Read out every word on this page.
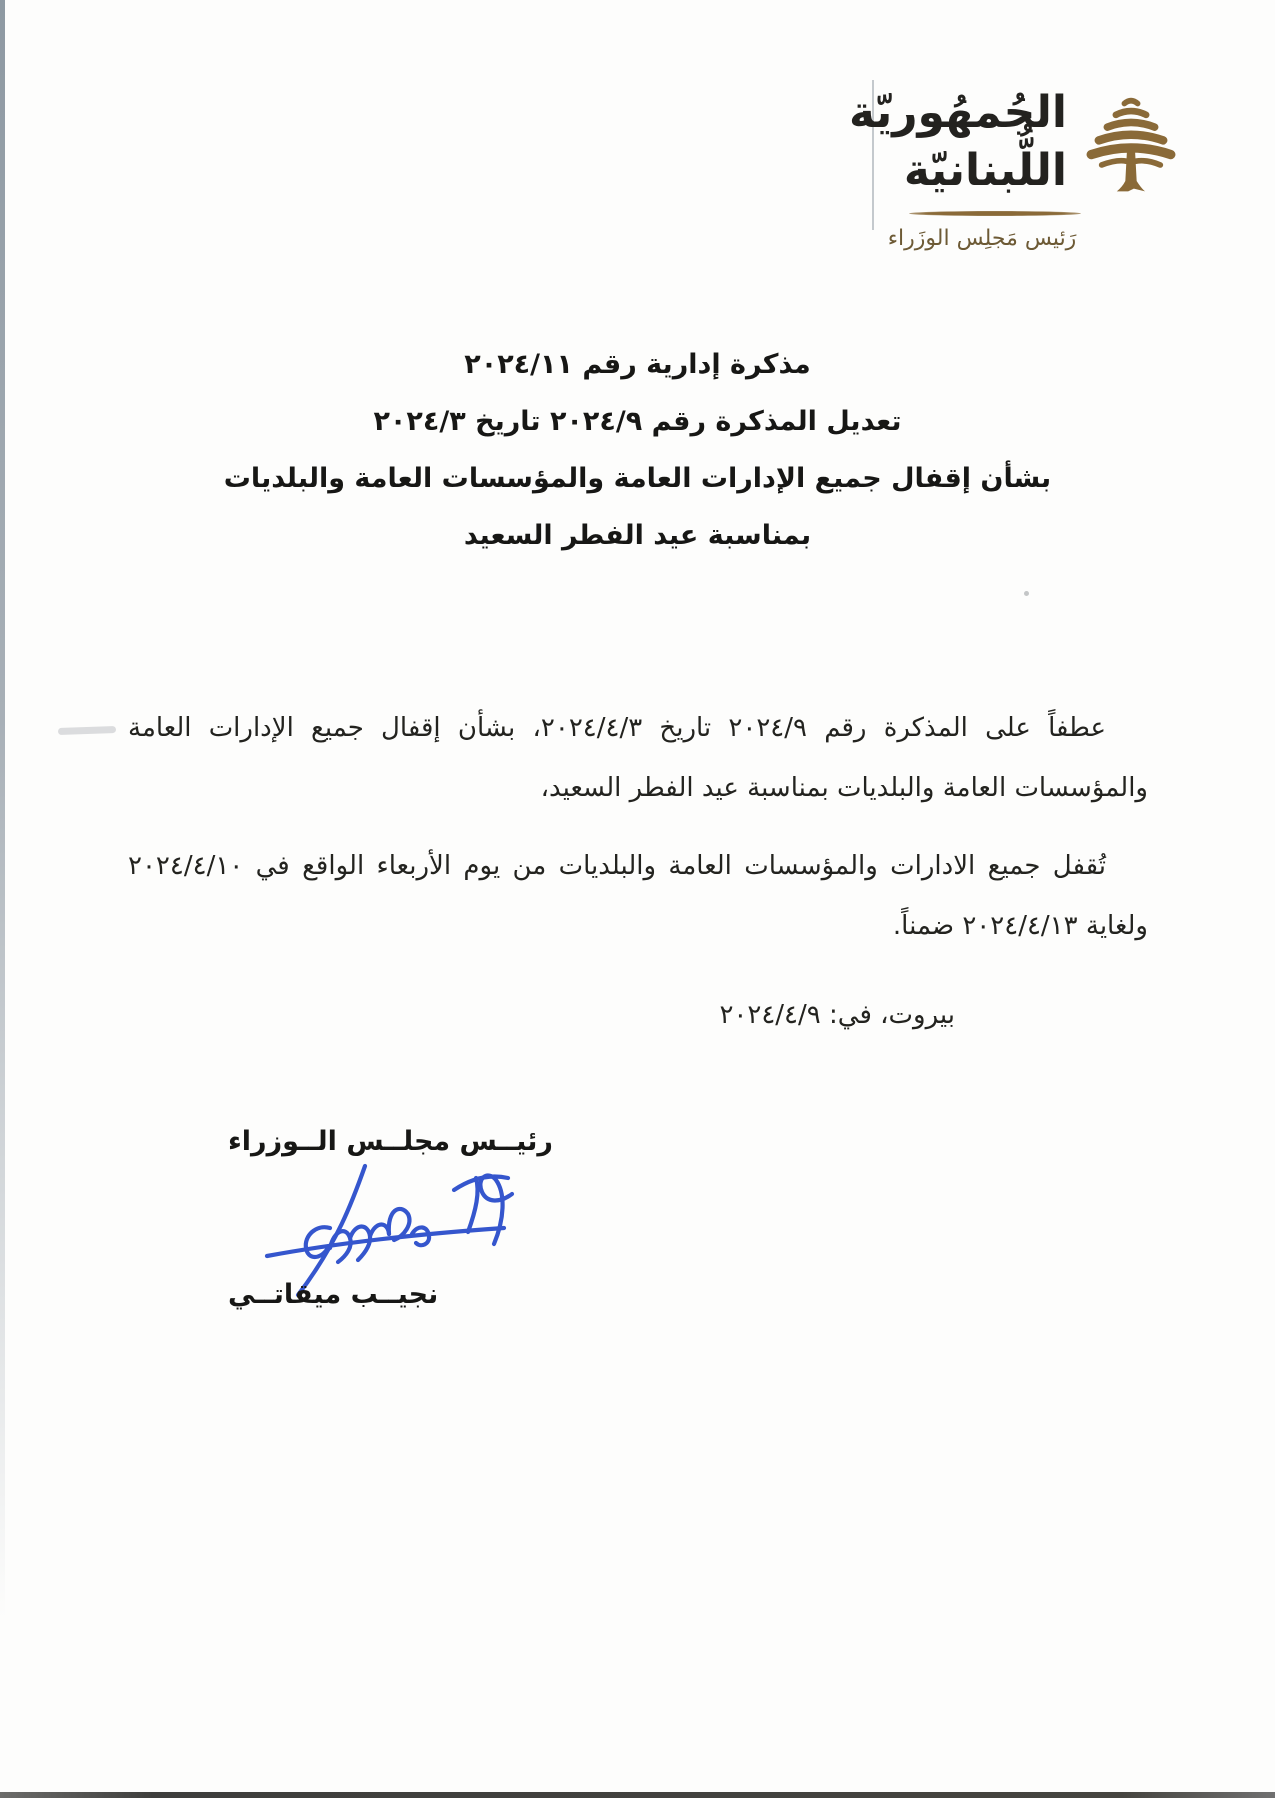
الجُمهُوريّة
اللُّبنانيّة
رَئيس مَجلِس الوزَراء
مذكرة إدارية رقم ٢٠٢٤/١١
تعديل المذكرة رقم ٢٠٢٤/٩ تاريخ ٢٠٢٤/٣
بشأن إقفال جميع الإدارات العامة والمؤسسات العامة والبلديات
بمناسبة عيد الفطر السعيد

عطفاً على المذكرة رقم ٢٠٢٤/٩ تاريخ ٢٠٢٤/٤/٣، بشأن إقفال جميع الإدارات العامة والمؤسسات العامة والبلديات بمناسبة عيد الفطر السعيد،

تُقفل جميع الادارات والمؤسسات العامة والبلديات من يوم الأربعاء الواقع في ٢٠٢٤/٤/١٠ ولغاية ٢٠٢٤/٤/١٣ ضمناً.

بيروت، في: ٢٠٢٤/٤/٩
رئيــس مجلــس الــوزراء
نجيــب ميقاتــي
